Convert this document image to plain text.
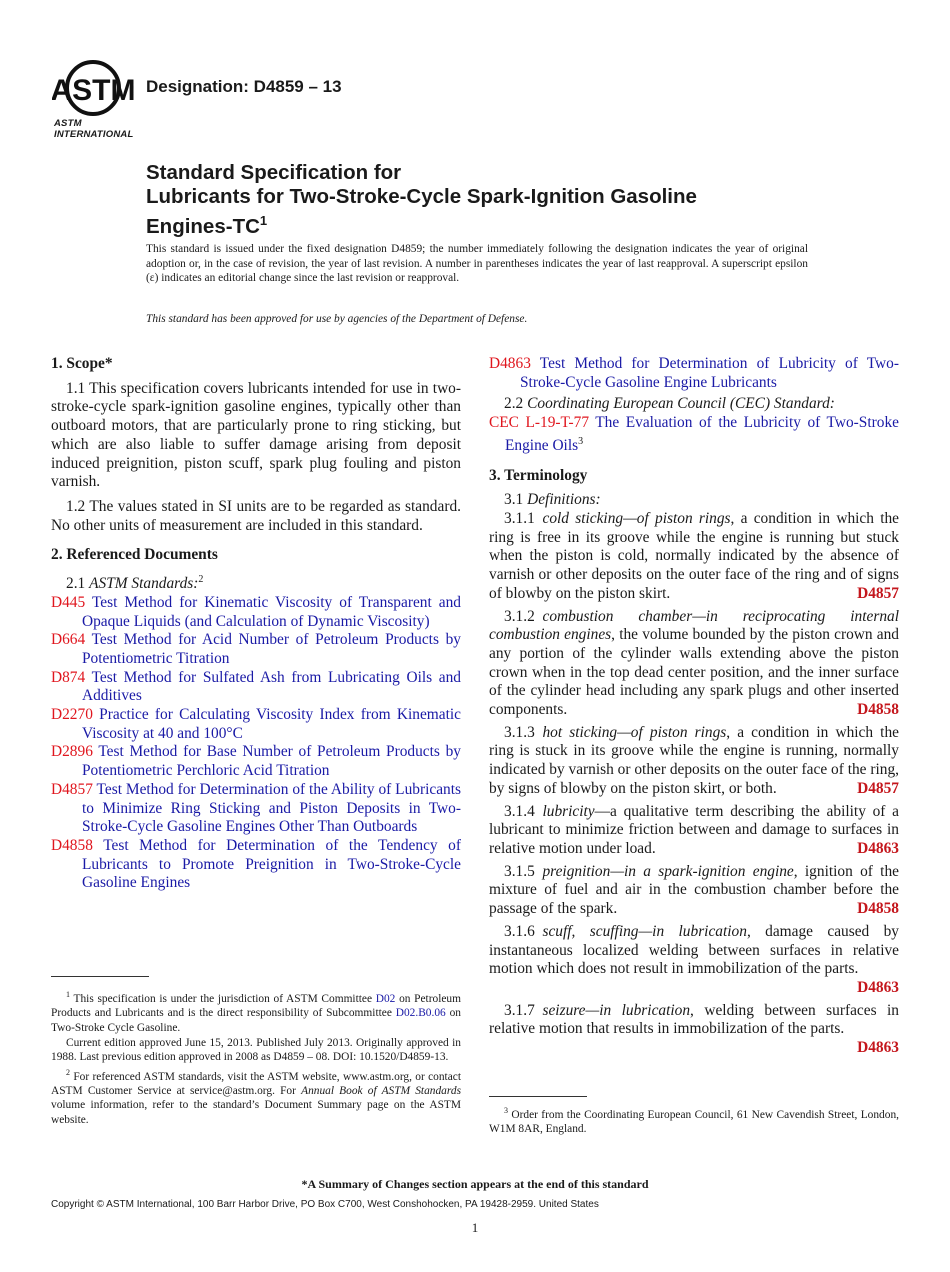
ASTM
ASTM INTERNATIONAL
Designation: D4859 – 13
Standard Specification for
Lubricants for Two-Stroke-Cycle Spark-Ignition Gasoline
Engines-$TC^1$
This standard is issued under the fixed designation D4859; the number immediately following the designation indicates the year of original adoption or, in the case of revision, the year of last revision. A number in parentheses indicates the year of last reapproval. A superscript epsilon (ε) indicates an editorial change since the last revision or reapproval.
This standard has been approved for use by agencies of the Department of Defense.
1. Scope*

1.1 This specification covers lubricants intended for use in two-stroke-cycle spark-ignition gasoline engines, typically other than outboard motors, that are particularly prone to ring sticking, but which are also liable to suffer damage arising from deposit induced preignition, piston scuff, spark plug fouling and piston varnish.

1.2 The values stated in SI units are to be regarded as standard. No other units of measurement are included in this standard.

2. Referenced Documents

2.1 ASTM Standards:$^2$

D445 Test Method for Kinematic Viscosity of Transparent and Opaque Liquids (and Calculation of Dynamic Viscosity)

D664 Test Method for Acid Number of Petroleum Products by Potentiometric Titration

D874 Test Method for Sulfated Ash from Lubricating Oils and Additives

D2270 Practice for Calculating Viscosity Index from Kinematic Viscosity at 40 and 100°C

D2896 Test Method for Base Number of Petroleum Products by Potentiometric Perchloric Acid Titration

D4857 Test Method for Determination of the Ability of Lubricants to Minimize Ring Sticking and Piston Deposits in Two-Stroke-Cycle Gasoline Engines Other Than Outboards

D4858 Test Method for Determination of the Tendency of Lubricants to Promote Preignition in Two-Stroke-Cycle Gasoline Engines

D4863 Test Method for Determination of Lubricity of Two-Stroke-Cycle Gasoline Engine Lubricants

2.2 Coordinating European Council (CEC) Standard:

CEC L-19-T-77 The Evaluation of the Lubricity of Two-Stroke Engine Oils$^3$

3. Terminology

3.1 Definitions:

3.1.1  cold sticking—of piston rings, a condition in which the ring is free in its groove while the engine is running but stuck when the piston is cold, normally indicated by the absence of varnish or other deposits on the outer face of the ring and of signs of blowby on the piston skirt.	D4857

3.1.2  combustion chamber—in reciprocating internal combustion engines, the volume bounded by the piston crown and any portion of the cylinder walls extending above the piston crown when in the top dead center position, and the inner surface of the cylinder head including any spark plugs and other inserted components.	D4858

3.1.3  hot sticking—of piston rings, a condition in which the ring is stuck in its groove while the engine is running, normally indicated by varnish or other deposits on the outer face of the ring, by signs of blowby on the piston skirt, or both.	D4857

3.1.4  lubricity—a qualitative term describing the ability of a lubricant to minimize friction between and damage to surfaces in relative motion under load.	D4863

3.1.5  preignition—in a spark-ignition engine, ignition of the mixture of fuel and air in the combustion chamber before the passage of the spark.	D4858

3.1.6  scuff, scuffing—in lubrication, damage caused by instantaneous localized welding between surfaces in relative motion which does not result in immobilization of the parts.
D4863

3.1.7  seizure—in lubrication, welding between surfaces in relative motion that results in immobilization of the parts.
D4863

$^1$ This specification is under the jurisdiction of ASTM Committee D02 on Petroleum Products and Lubricants and is the direct responsibility of Subcommittee D02.B0.06 on Two-Stroke Cycle Gasoline.

Current edition approved June 15, 2013. Published July 2013. Originally approved in 1988. Last previous edition approved in 2008 as D4859 – 08. DOI: 10.1520/D4859-13.

$^2$ For referenced ASTM standards, visit the ASTM website, www.astm.org, or contact ASTM Customer Service at service@astm.org. For Annual Book of ASTM Standards volume information, refer to the standard’s Document Summary page on the ASTM website.

$^3$ Order from the Coordinating European Council, 61 New Cavendish Street, London, W1M 8AR, England.

*A Summary of Changes section appears at the end of this standard
Copyright © ASTM International, 100 Barr Harbor Drive, PO Box C700, West Conshohocken, PA 19428-2959. United States
1
